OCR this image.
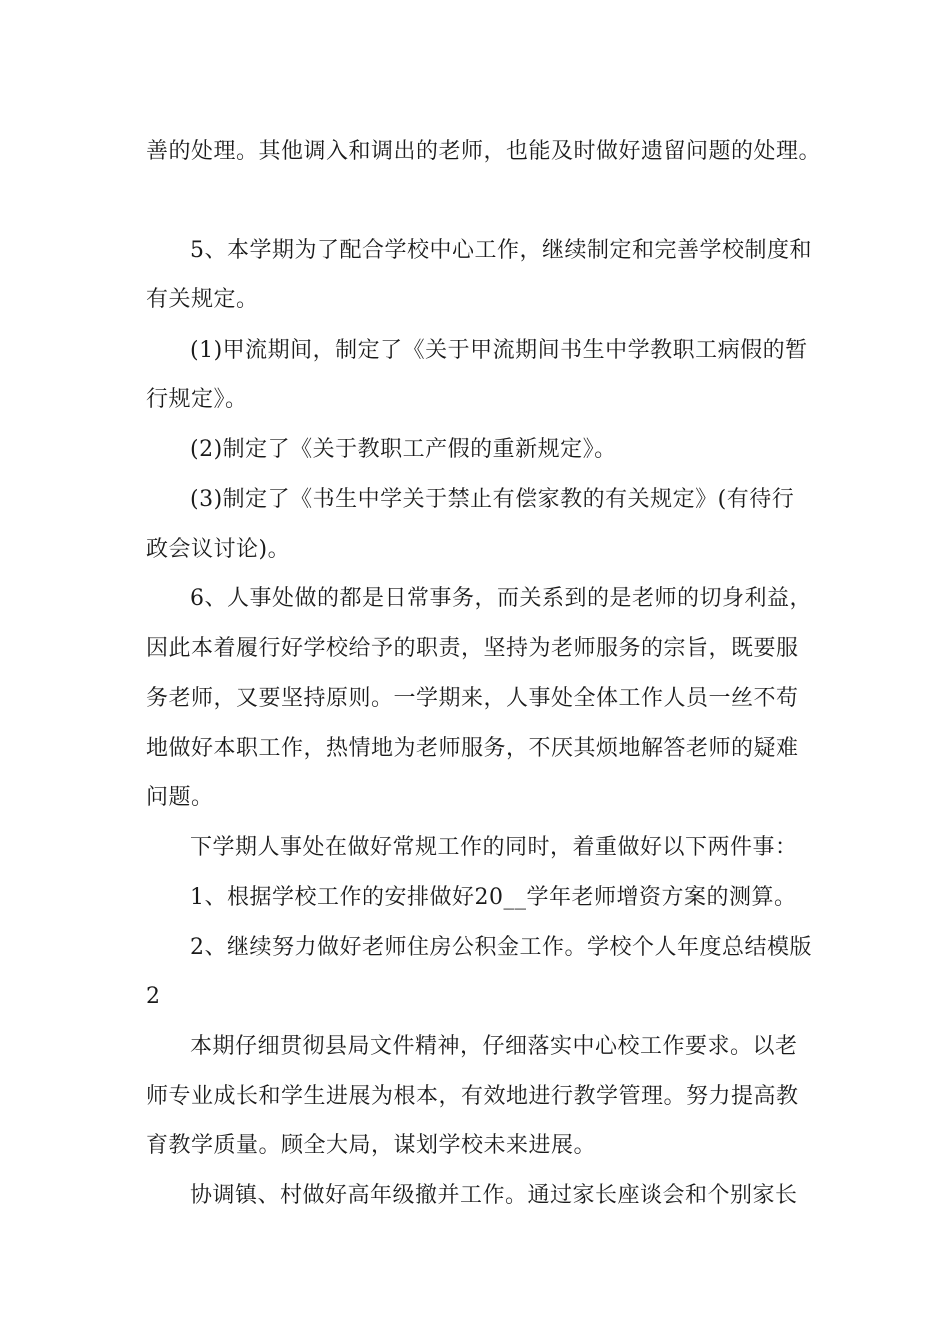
善的处理。其他调入和调出的老师，也能及时做好遗留问题的处理。
5、本学期为了配合学校中心工作，继续制定和完善学校制度和
有关规定。
(1)甲流期间，制定了《关于甲流期间书生中学教职工病假的暂
行规定》。
(2)制定了《关于教职工产假的重新规定》。
(3)制定了《书生中学关于禁止有偿家教的有关规定》(有待行
政会议讨论)。
6、人事处做的都是日常事务，而关系到的是老师的切身利益，
因此本着履行好学校给予的职责，坚持为老师服务的宗旨，既要服
务老师，又要坚持原则。一学期来，人事处全体工作人员一丝不苟
地做好本职工作，热情地为老师服务，不厌其烦地解答老师的疑难
问题。
下学期人事处在做好常规工作的同时，着重做好以下两件事：
1、根据学校工作的安排做好20__学年老师增资方案的测算。
2、继续努力做好老师住房公积金工作。学校个人年度总结模版
2
本期仔细贯彻县局文件精神，仔细落实中心校工作要求。以老
师专业成长和学生进展为根本，有效地进行教学管理。努力提高教
育教学质量。顾全大局，谋划学校未来进展。
协调镇、村做好高年级撤并工作。通过家长座谈会和个别家长
